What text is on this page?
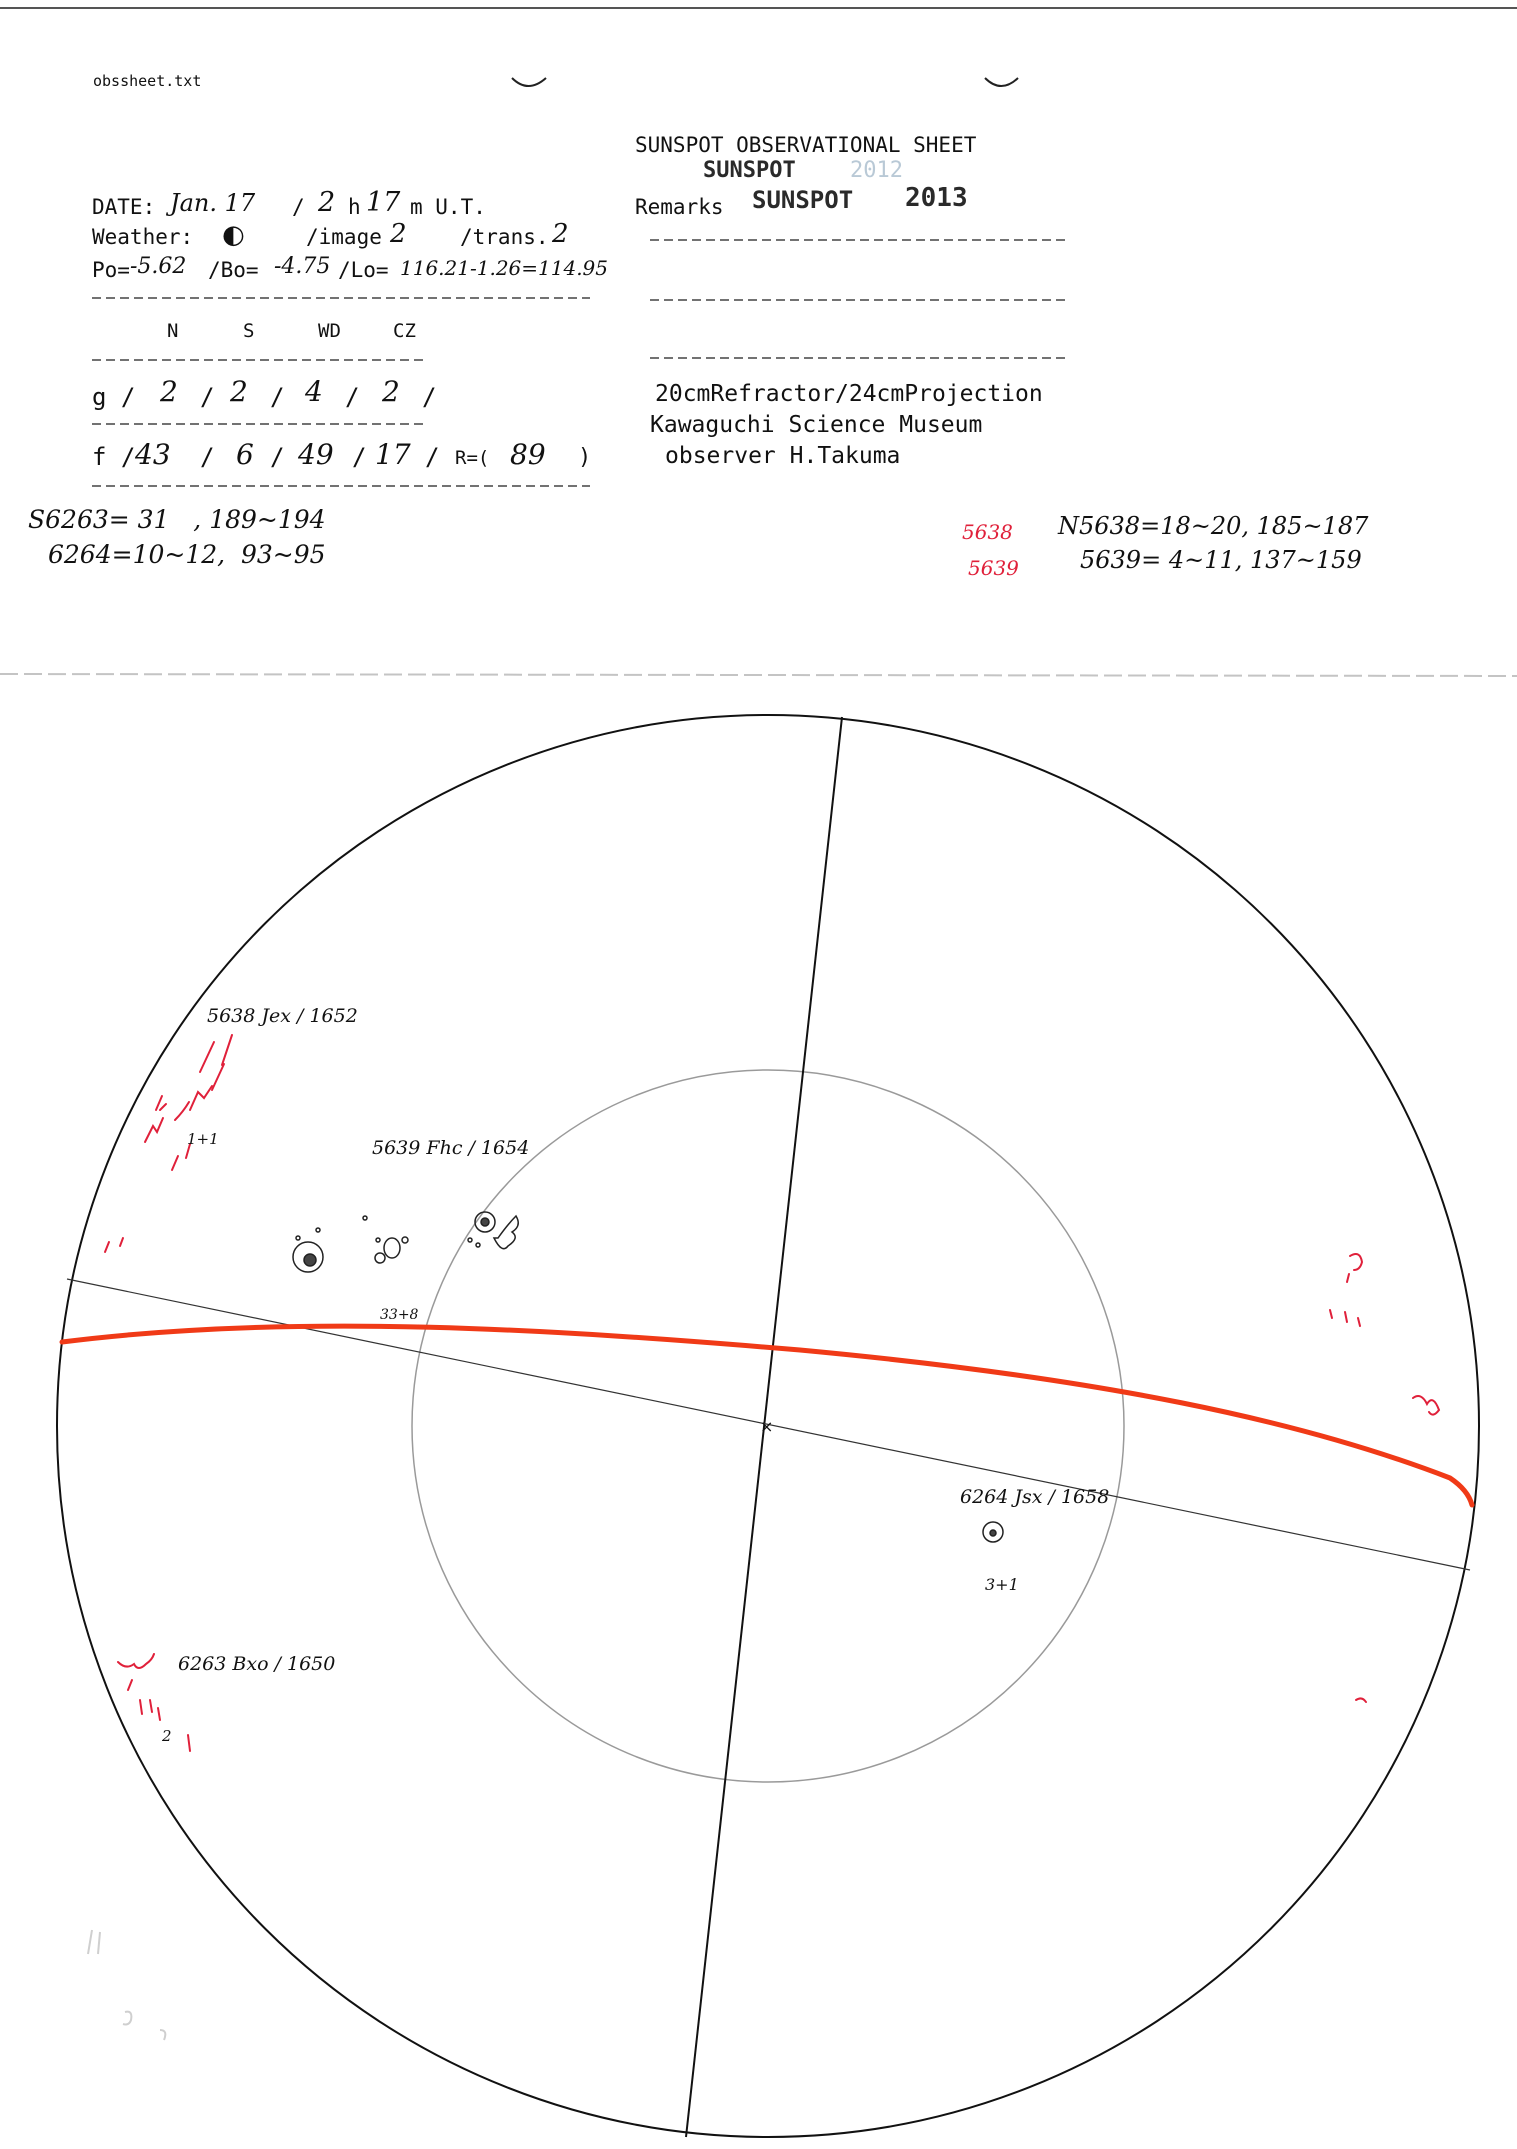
obssheet.txt
SUNSPOT OBSERVATIONAL SHEET
SUNSPOT 2012
Remarks SUNSPOT 2013
DATE: Jan. 17 / 2 h 17 m U.T.
Weather: ◐	/image 2	/trans. 2
Po= -5.62 /Bo= -4.75 /Lo= 116.21-1.26=114.95
N	S	WD	CZ
g / 2 / 2 / 4 / 2 /
f / 43 / 6 / 49 / 17 / R=( 89 )
20cmRefractor/24cmProjection
Kawaguchi Science Museum
observer H.Takuma
S6263= 31   , 189~194
6264=10~12,  93~95
5638
5639
N5638=18~20, 185~187
5639= 4~11, 137~159
×
5638 Jex / 1652
1+1	5639 Fhc / 1654
33+8
6264 Jsx / 1658
3+1
6263 Bxo / 1650
2
